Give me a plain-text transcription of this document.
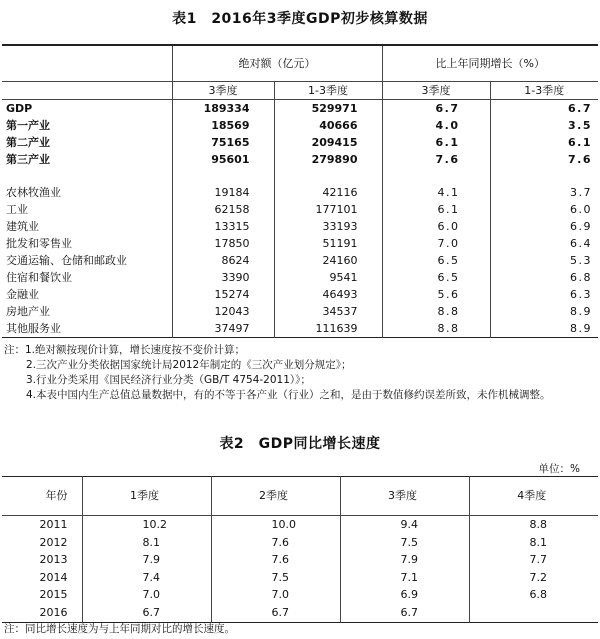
表1　2016年3季度GDP初步核算数据
	绝对额（亿元）		比上年同期增长（%）	
	3季度	1-3季度	3季度	1-3季度
GDP	189334	529971	6.7	6.7
第一产业	18569	40666	4.0	3.5
第二产业	75165	209415	6.1	6.1
第三产业	95601	279890	7.6	7.6

农林牧渔业	19184	42116	4.1	3.7
工业	62158	177101	6.1	6.0
建筑业	13315	33193	6.0	6.9
批发和零售业	17850	51191	7.0	6.4
交通运输、仓储和邮政业	8624	24160	6.5	5.3
住宿和餐饮业	3390	9541	6.5	6.8
金融业	15274	46493	5.6	6.3
房地产业	12043	34537	8.8	8.9
其他服务业	37497	111639	8.8	8.9
注：1.绝对额按现价计算，增长速度按不变价计算；
2.三次产业分类依据国家统计局2012年制定的《三次产业划分规定》；
3.行业分类采用《国民经济行业分类（GB/T 4754-2011）》；
4.本表中国内生产总值总量数据中，有的不等于各产业（行业）之和，是由于数值修约误差所致，未作机械调整。
表2　GDP同比增长速度
单位：%
年份	1季度	2季度	3季度	4季度
2011	10.2	10.0	9.4	8.8
2012	8.1	7.6	7.5	8.1
2013	7.9	7.6	7.9	7.7
2014	7.4	7.5	7.1	7.2
2015	7.0	7.0	6.9	6.8
2016	6.7	6.7	6.7	
注：同比增长速度为与上年同期对比的增长速度。
